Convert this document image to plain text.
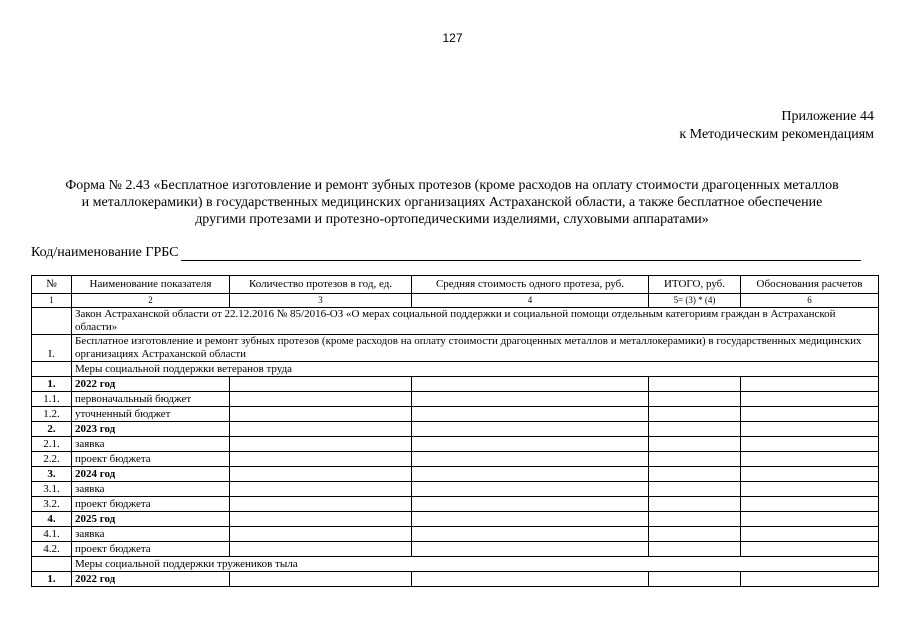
127
Приложение 44
к Методическим рекомендациям
Форма № 2.43 «Бесплатное изготовление и ремонт зубных протезов (кроме расходов на оплату стоимости драгоценных металлов
и металлокерамики) в государственных медицинских организациях Астраханской области, а также бесплатное обеспечение
другими протезами и протезно-ортопедическими изделиями, слуховыми аппаратами»
Код/наименование ГРБС
№	Наименование показателя	Количество протезов в год, ед.	Средняя стоимость одного протеза, руб.	ИТОГО, руб.	Обоснования расчетов
1	2	3	4	5= (3) * (4)	6
	Закон Астраханской области от 22.12.2016 № 85/2016-ОЗ «О мерах социальной поддержки и социальной помощи отдельным категориям граждан в Астраханской области»				
I.	Бесплатное изготовление и ремонт зубных протезов (кроме расходов на оплату стоимости драгоценных металлов и металлокерамики) в государственных медицинских организациях Астраханской области				
	Меры социальной поддержки ветеранов труда				
1.	2022 год				
1.1.	первоначальный бюджет				
1.2.	уточненный бюджет				
2.	2023 год				
2.1.	заявка				
2.2.	проект бюджета				
3.	2024 год				
3.1.	заявка				
3.2.	проект бюджета				
4.	2025 год				
4.1.	заявка				
4.2.	проект бюджета				
	Меры социальной поддержки тружеников тыла				
1.	2022 год				
